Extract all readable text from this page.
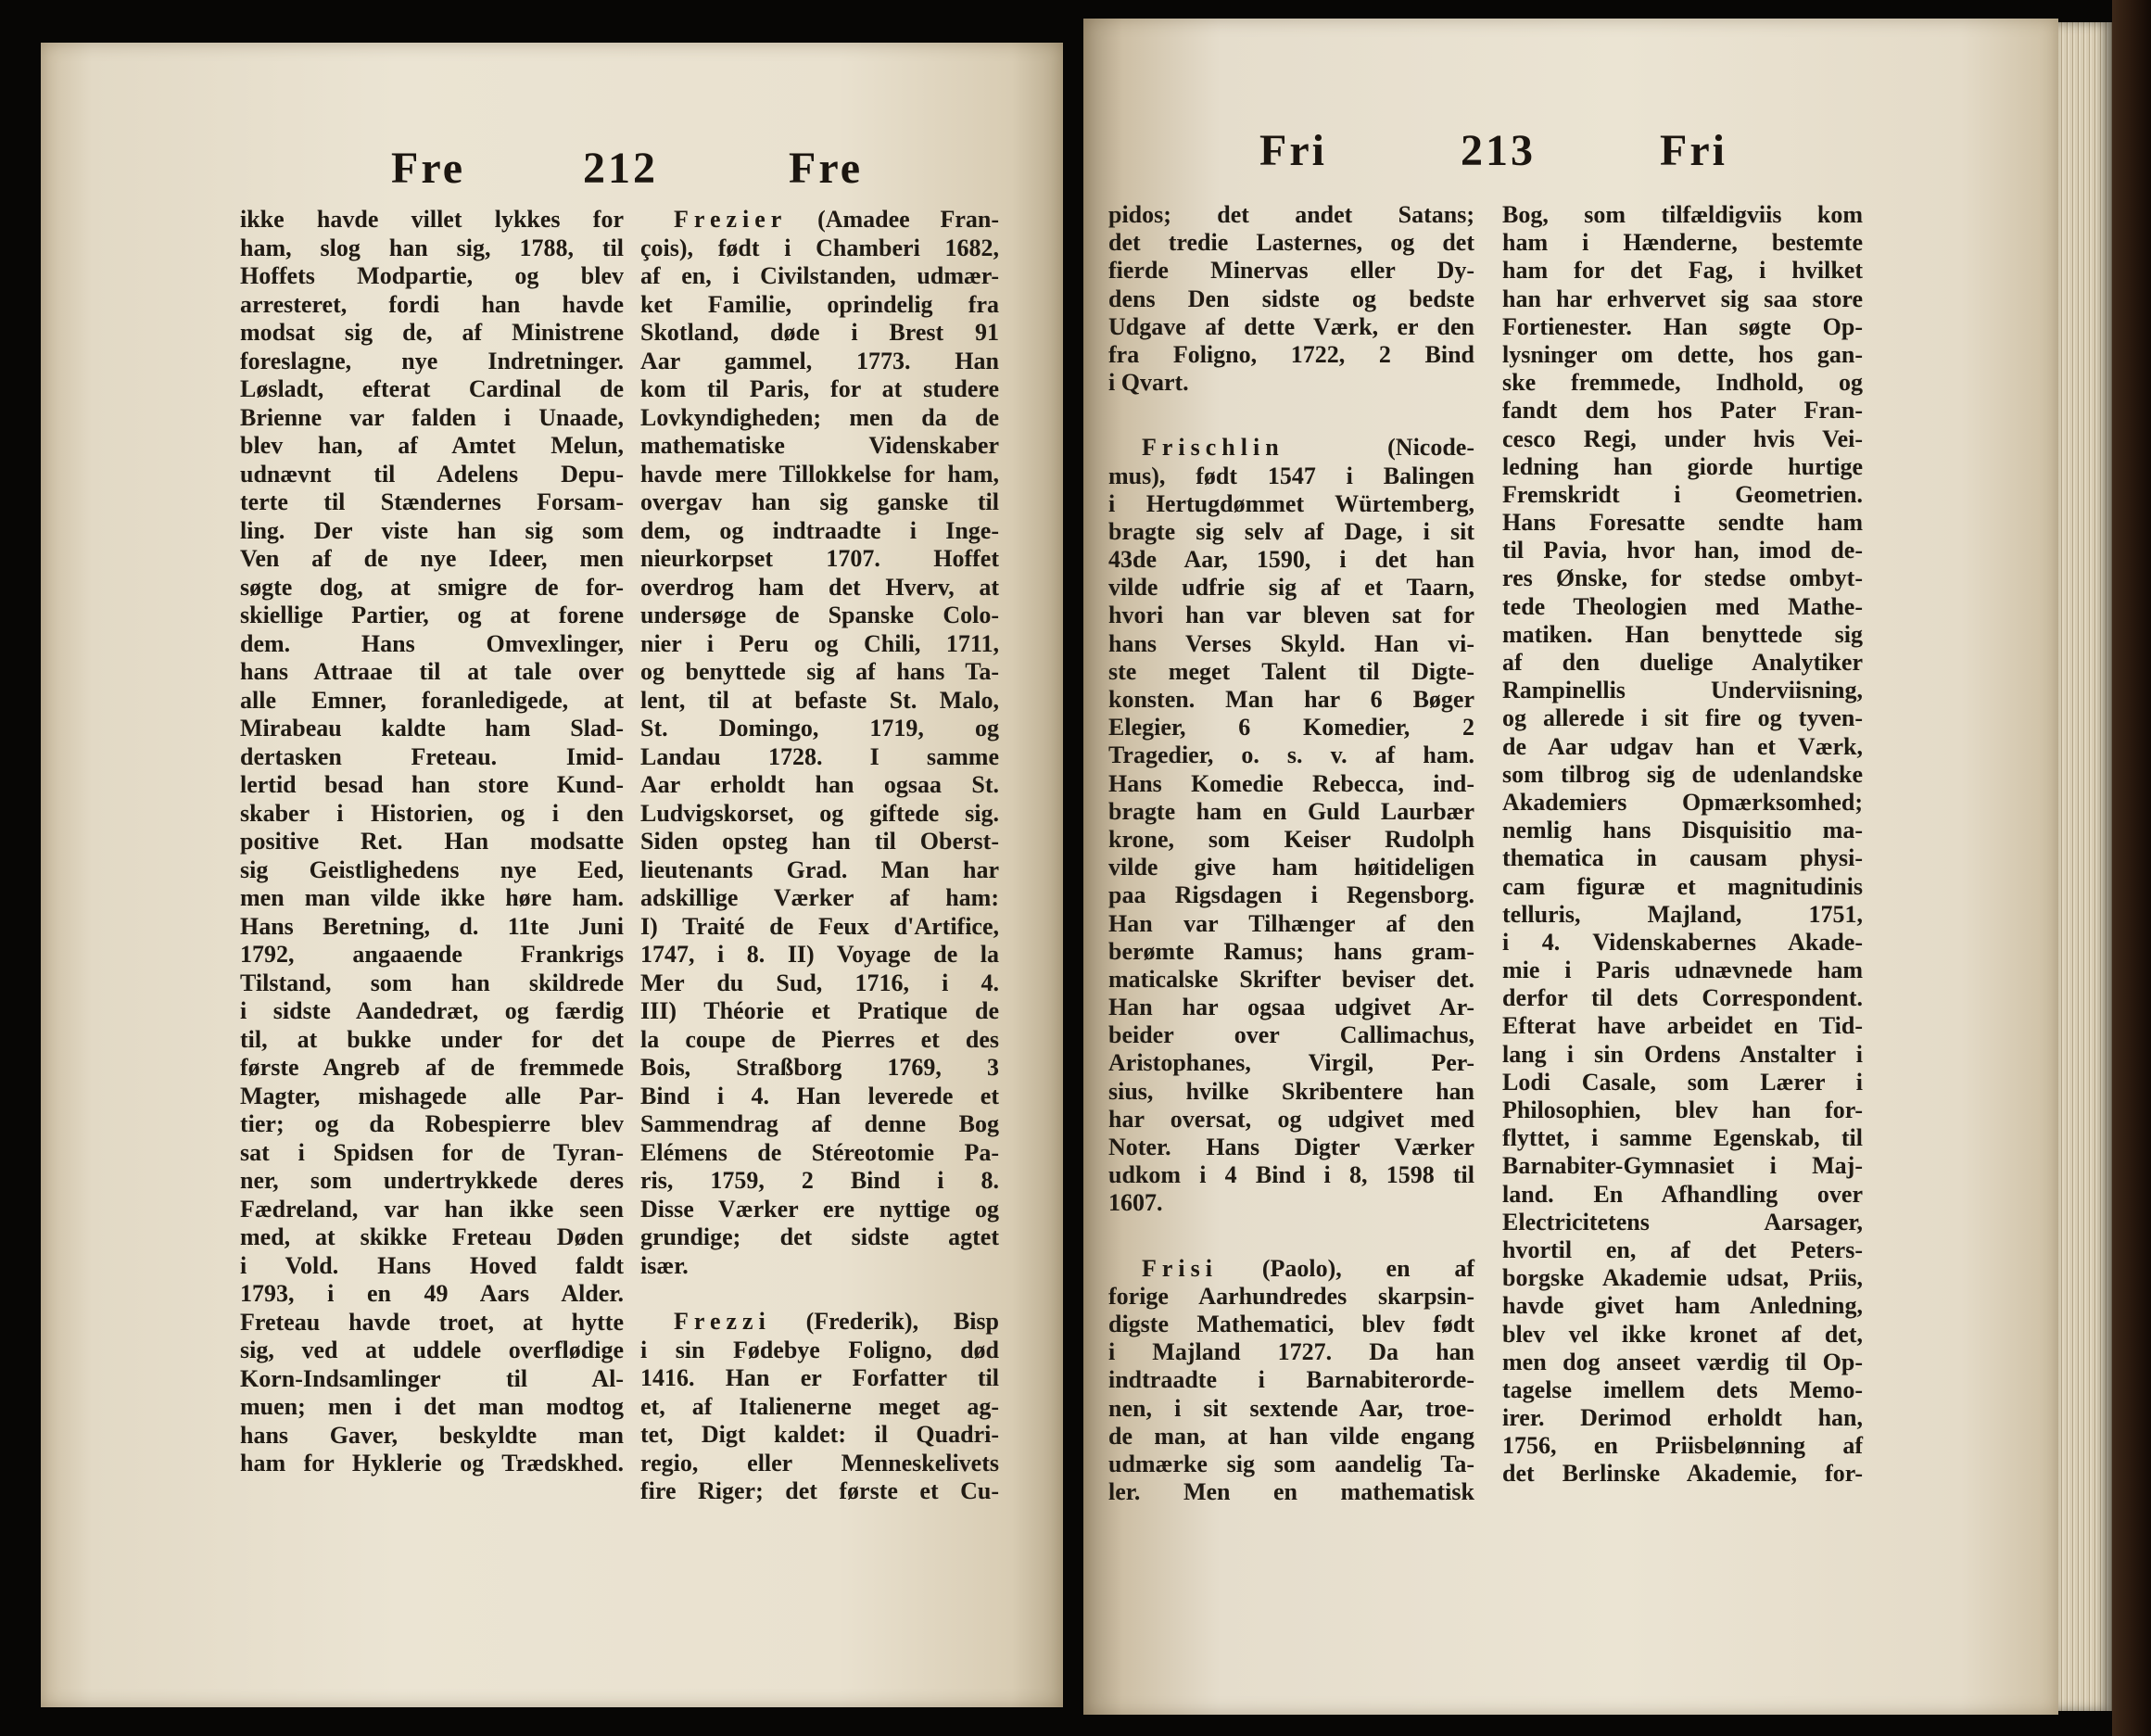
Fre	212	Fre	Fri	213	Fri
ikke havde villet lykkes for
ham, slog han sig, 1788, til
Hoffets Modpartie, og blev
arresteret, fordi han havde
modsat sig de, af Ministrene
foreslagne, nye Indretninger.
Løsladt, efterat Cardinal de
Brienne var falden i Unaade,
blev han, af Amtet Melun,
udnævnt til Adelens Depu-
terte til Stændernes Forsam-
ling. Der viste han sig som
Ven af de nye Ideer, men
søgte dog, at smigre de for-
skiellige Partier, og at forene
dem. Hans Omvexlinger,
hans Attraae til at tale over
alle Emner, foranledigede, at
Mirabeau kaldte ham Slad-
dertasken Freteau. Imid-
lertid besad han store Kund-
skaber i Historien, og i den
positive Ret. Han modsatte
sig Geistlighedens nye Eed,
men man vilde ikke høre ham.
Hans Beretning, d. 11te Juni
1792, angaaende Frankrigs
Tilstand, som han skildrede
i sidste Aandedræt, og færdig
til, at bukke under for det
første Angreb af de fremmede
Magter, mishagede alle Par-
tier; og da Robespierre blev
sat i Spidsen for de Tyran-
ner, som undertrykkede deres
Fædreland, var han ikke seen
med, at skikke Freteau Døden
i Vold. Hans Hoved faldt
1793, i en 49 Aars Alder.
Freteau havde troet, at hytte
sig, ved at uddele overflødige
Korn-Indsamlinger til Al-
muen; men i det man modtog
hans Gaver, beskyldte man
ham for Hyklerie og Trædskhed.
Frezier (Amadee Fran-
çois), født i Chamberi 1682,
af en, i Civilstanden, udmær-
ket Familie, oprindelig fra
Skotland, døde i Brest 91
Aar gammel, 1773. Han
kom til Paris, for at studere
Lovkyndigheden; men da de
mathematiske Videnskaber
havde mere Tillokkelse for ham,
overgav han sig ganske til
dem, og indtraadte i Inge-
nieurkorpset 1707. Hoffet
overdrog ham det Hverv, at
undersøge de Spanske Colo-
nier i Peru og Chili, 1711,
og benyttede sig af hans Ta-
lent, til at befaste St. Malo,
St. Domingo, 1719, og
Landau 1728. I samme
Aar erholdt han ogsaa St.
Ludvigskorset, og giftede sig.
Siden opsteg han til Oberst-
lieutenants Grad. Man har
adskillige Værker af ham:
I) Traité de Feux d'Artifice,
1747, i 8. II) Voyage de la
Mer du Sud, 1716, i 4.
III) Théorie et Pratique de
la coupe de Pierres et des
Bois, Straßborg 1769, 3
Bind i 4. Han leverede et
Sammendrag af denne Bog
Elémens de Stéreotomie Pa-
ris, 1759, 2 Bind i 8.
Disse Værker ere nyttige og
grundige; det sidste agtet
især.
Frezzi (Frederik), Bisp
i sin Fødebye Foligno, død
1416. Han er Forfatter til
et, af Italienerne meget ag-
tet, Digt kaldet: il Quadri-
regio, eller Menneskelivets
fire Riger; det første et Cu-
pidos; det andet Satans;
det tredie Lasternes, og det
fierde Minervas eller Dy-
dens Den sidste og bedste
Udgave af dette Værk, er den
fra Foligno, 1722, 2 Bind
i Qvart.
Frischlin	(Nicode-
mus), født 1547 i Balingen
i Hertugdømmet Würtemberg,
bragte sig selv af Dage, i sit
43de Aar, 1590, i det han
vilde udfrie sig af et Taarn,
hvori han var bleven sat for
hans Verses Skyld. Han vi-
ste meget Talent til Digte-
konsten. Man har 6 Bøger
Elegier, 6 Komedier, 2
Tragedier, o. s. v. af ham.
Hans Komedie Rebecca, ind-
bragte ham en Guld Laurbær
krone, som Keiser Rudolph
vilde give ham høitideligen
paa Rigsdagen i Regensborg.
Han var Tilhænger af den
berømte Ramus; hans gram-
maticalske Skrifter beviser det.
Han har ogsaa udgivet Ar-
beider over Callimachus,
Aristophanes, Virgil, Per-
sius, hvilke Skribentere han
har oversat, og udgivet med
Noter. Hans Digter Værker
udkom i 4 Bind i 8, 1598 til
1607.
Frisi (Paolo), en af
forige Aarhundredes skarpsin-
digste Mathematici, blev født
i Majland 1727. Da han
indtraadte i Barnabiterorde-
nen, i sit sextende Aar, troe-
de man, at han vilde engang
udmærke sig som aandelig Ta-
ler. Men en mathematisk
Bog, som tilfældigviis kom
ham i Hænderne, bestemte
ham for det Fag, i hvilket
han har erhvervet sig saa store
Fortienester. Han søgte Op-
lysninger om dette, hos gan-
ske fremmede, Indhold, og
fandt dem hos Pater Fran-
cesco Regi, under hvis Vei-
ledning han giorde hurtige
Fremskridt i Geometrien.
Hans Foresatte sendte ham
til Pavia, hvor han, imod de-
res Ønske, for stedse ombyt-
tede Theologien med Mathe-
matiken. Han benyttede sig
af den duelige Analytiker
Rampinellis Underviisning,
og allerede i sit fire og tyven-
de Aar udgav han et Værk,
som tilbrog sig de udenlandske
Akademiers Opmærksomhed;
nemlig hans Disquisitio ma-
thematica in causam physi-
cam figuræ et magnitudinis
telluris, Majland, 1751,
i 4. Videnskabernes Akade-
mie i Paris udnævnede ham
derfor til dets Correspondent.
Efterat have arbeidet en Tid-
lang i sin Ordens Anstalter i
Lodi Casale, som Lærer i
Philosophien, blev han for-
flyttet, i samme Egenskab, til
Barnabiter-Gymnasiet i Maj-
land. En Afhandling over
Electricitetens Aarsager,
hvortil en, af det Peters-
borgske Akademie udsat, Priis,
havde givet ham Anledning,
blev vel ikke kronet af det,
men dog anseet værdig til Op-
tagelse imellem dets Memo-
irer. Derimod erholdt han,
1756, en Priisbelønning af
det Berlinske Akademie, for-
